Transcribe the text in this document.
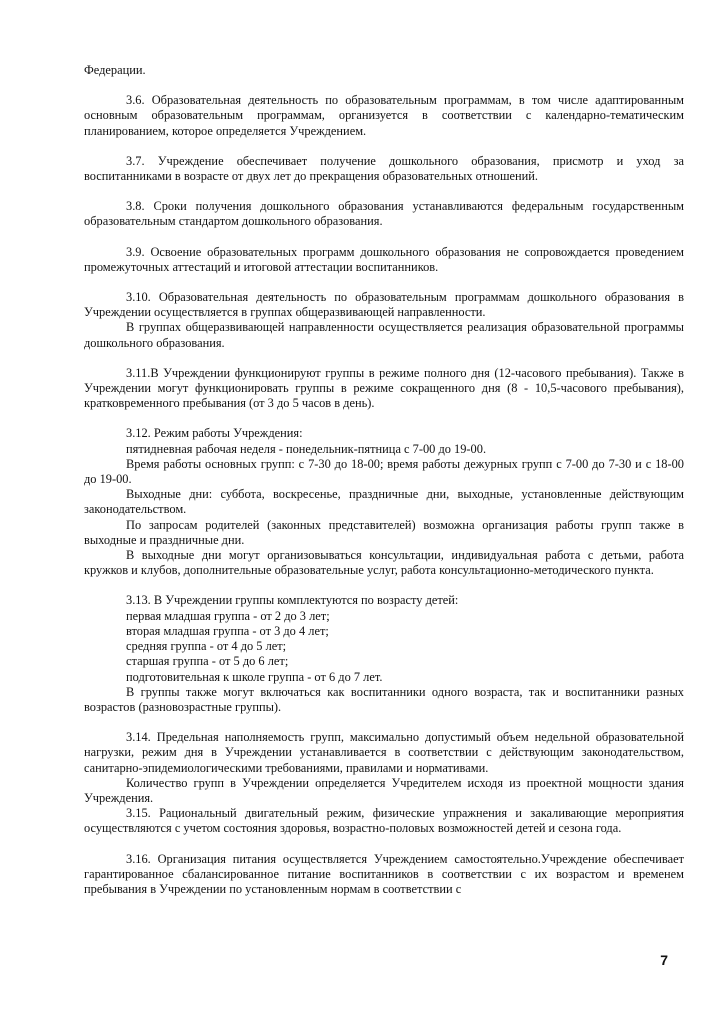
Федерации.

3.6. Образовательная деятельность по образовательным программам, в том числе адаптированным основным образовательным программам, организуется в соответствии с календарно-тематическим планированием, которое определяется Учреждением.

3.7. Учреждение обеспечивает получение дошкольного образования, присмотр и уход за воспитанниками в возрасте от двух лет до прекращения образовательных отношений.

3.8. Сроки получения дошкольного образования устанавливаются федеральным государственным образовательным стандартом дошкольного образования.

3.9. Освоение образовательных программ дошкольного образования не сопровождается проведением промежуточных аттестаций и итоговой аттестации воспитанников.

3.10. Образовательная деятельность по образовательным программам дошкольного образования в Учреждении осуществляется в группах общеразвивающей направленности.

В группах общеразвивающей направленности осуществляется реализация образовательной программы дошкольного образования.

3.11.В Учреждении функционируют группы в режиме полного дня (12-часового пребывания). Также в Учреждении могут функционировать группы в режиме сокращенного дня (8 - 10,5-часового пребывания), кратковременного пребывания (от 3 до 5 часов в день).

3.12. Режим работы Учреждения:

пятидневная рабочая неделя - понедельник-пятница с 7-00 до 19-00.

Время работы основных групп: с 7-30 до 18-00; время работы дежурных групп с 7-00 до 7-30 и с 18-00 до 19-00.

Выходные дни: суббота, воскресенье, праздничные дни, выходные, установленные действующим законодательством.

По запросам родителей (законных представителей) возможна организация работы групп также в выходные и праздничные дни.

В выходные дни могут организовываться консультации, индивидуальная работа с детьми, работа кружков и клубов, дополнительные образовательные услуг, работа консультационно-методического пункта.

3.13. В Учреждении группы комплектуются по возрасту детей:

первая младшая группа - от 2 до 3 лет;

вторая младшая группа - от 3 до 4 лет;

средняя группа - от 4 до 5 лет;

старшая группа - от 5 до 6 лет;

подготовительная к школе группа - от 6 до 7 лет.

В группы также могут включаться как воспитанники одного возраста, так и воспитанники разных возрастов (разновозрастные группы).

3.14. Предельная наполняемость групп, максимально допустимый объем недельной образовательной нагрузки, режим дня в Учреждении устанавливается в соответствии с действующим законодательством, санитарно-эпидемиологическими требованиями, правилами и нормативами.

Количество групп в Учреждении определяется Учредителем исходя из проектной мощности здания Учреждения.

3.15. Рациональный двигательный режим, физические упражнения и закаливающие мероприятия осуществляются с учетом состояния здоровья, возрастно-половых возможностей детей и сезона года.

3.16. Организация питания осуществляется Учреждением самостоятельно.Учреждение обеспечивает гарантированное сбалансированное питание воспитанников в соответствии с их возрастом и временем пребывания в Учреждении по установленным нормам в соответствии с

7
